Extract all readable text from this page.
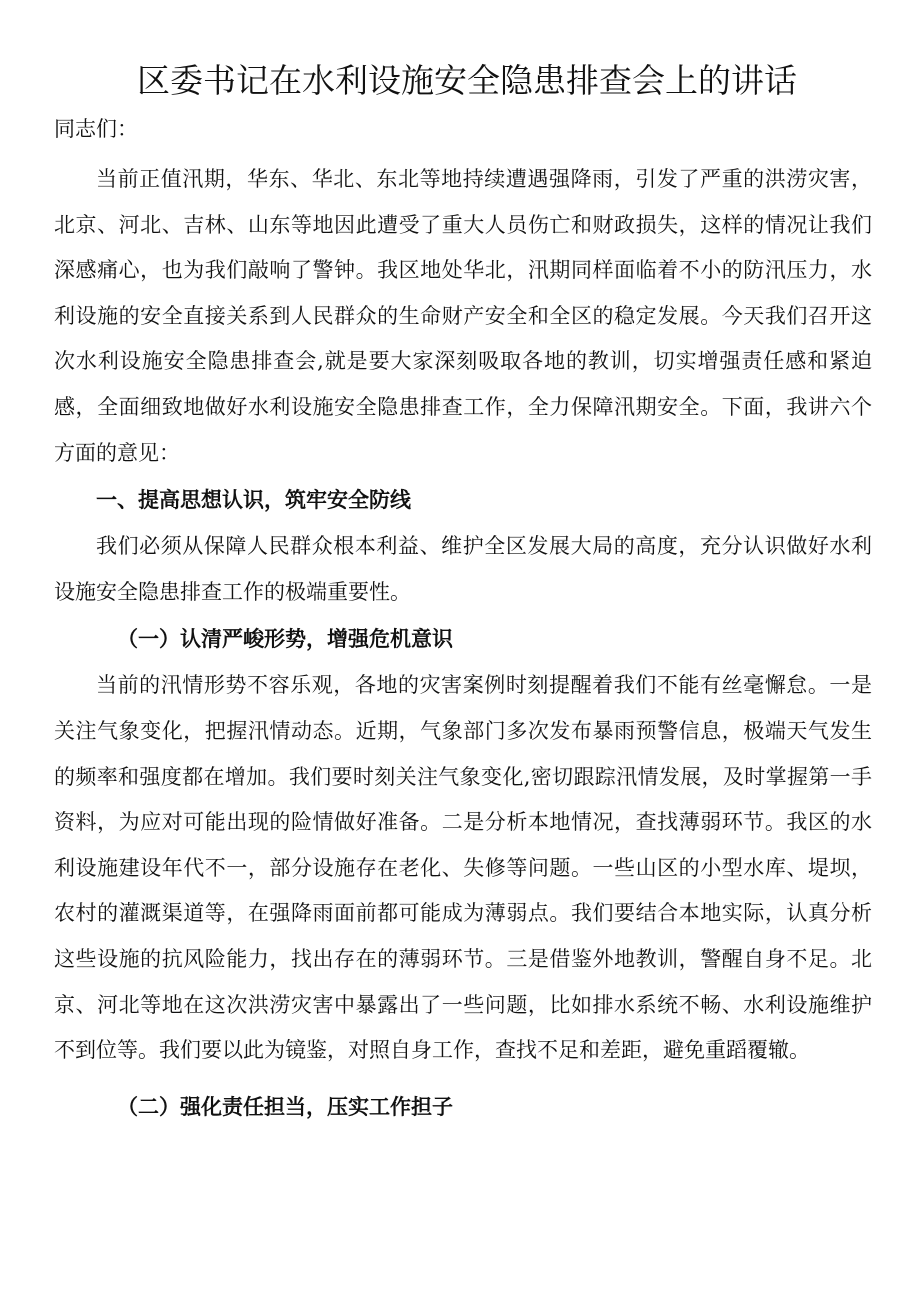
区委书记在水利设施安全隐患排查会上的讲话

同志们：

当前正值汛期，华东、华北、东北等地持续遭遇强降雨，引发了严重的洪涝灾害，北京、河北、吉林、山东等地因此遭受了重大人员伤亡和财政损失，这样的情况让我们深感痛心，也为我们敲响了警钟。我区地处华北，汛期同样面临着不小的防汛压力，水利设施的安全直接关系到人民群众的生命财产安全和全区的稳定发展。今天我们召开这次水利设施安全隐患排查会,就是要大家深刻吸取各地的教训，切实增强责任感和紧迫感，全面细致地做好水利设施安全隐患排查工作，全力保障汛期安全。下面，我讲六个方面的意见：

一、提高思想认识，筑牢安全防线

我们必须从保障人民群众根本利益、维护全区发展大局的高度，充分认识做好水利设施安全隐患排查工作的极端重要性。

（一）认清严峻形势，增强危机意识

当前的汛情形势不容乐观，各地的灾害案例时刻提醒着我们不能有丝毫懈怠。一是关注气象变化，把握汛情动态。近期，气象部门多次发布暴雨预警信息，极端天气发生的频率和强度都在增加。我们要时刻关注气象变化,密切跟踪汛情发展，及时掌握第一手资料，为应对可能出现的险情做好准备。二是分析本地情况，查找薄弱环节。我区的水利设施建设年代不一，部分设施存在老化、失修等问题。一些山区的小型水库、堤坝，农村的灌溉渠道等，在强降雨面前都可能成为薄弱点。我们要结合本地实际，认真分析这些设施的抗风险能力，找出存在的薄弱环节。三是借鉴外地教训，警醒自身不足。北京、河北等地在这次洪涝灾害中暴露出了一些问题，比如排水系统不畅、水利设施维护不到位等。我们要以此为镜鉴，对照自身工作，查找不足和差距，避免重蹈覆辙。

（二）强化责任担当，压实工作担子
